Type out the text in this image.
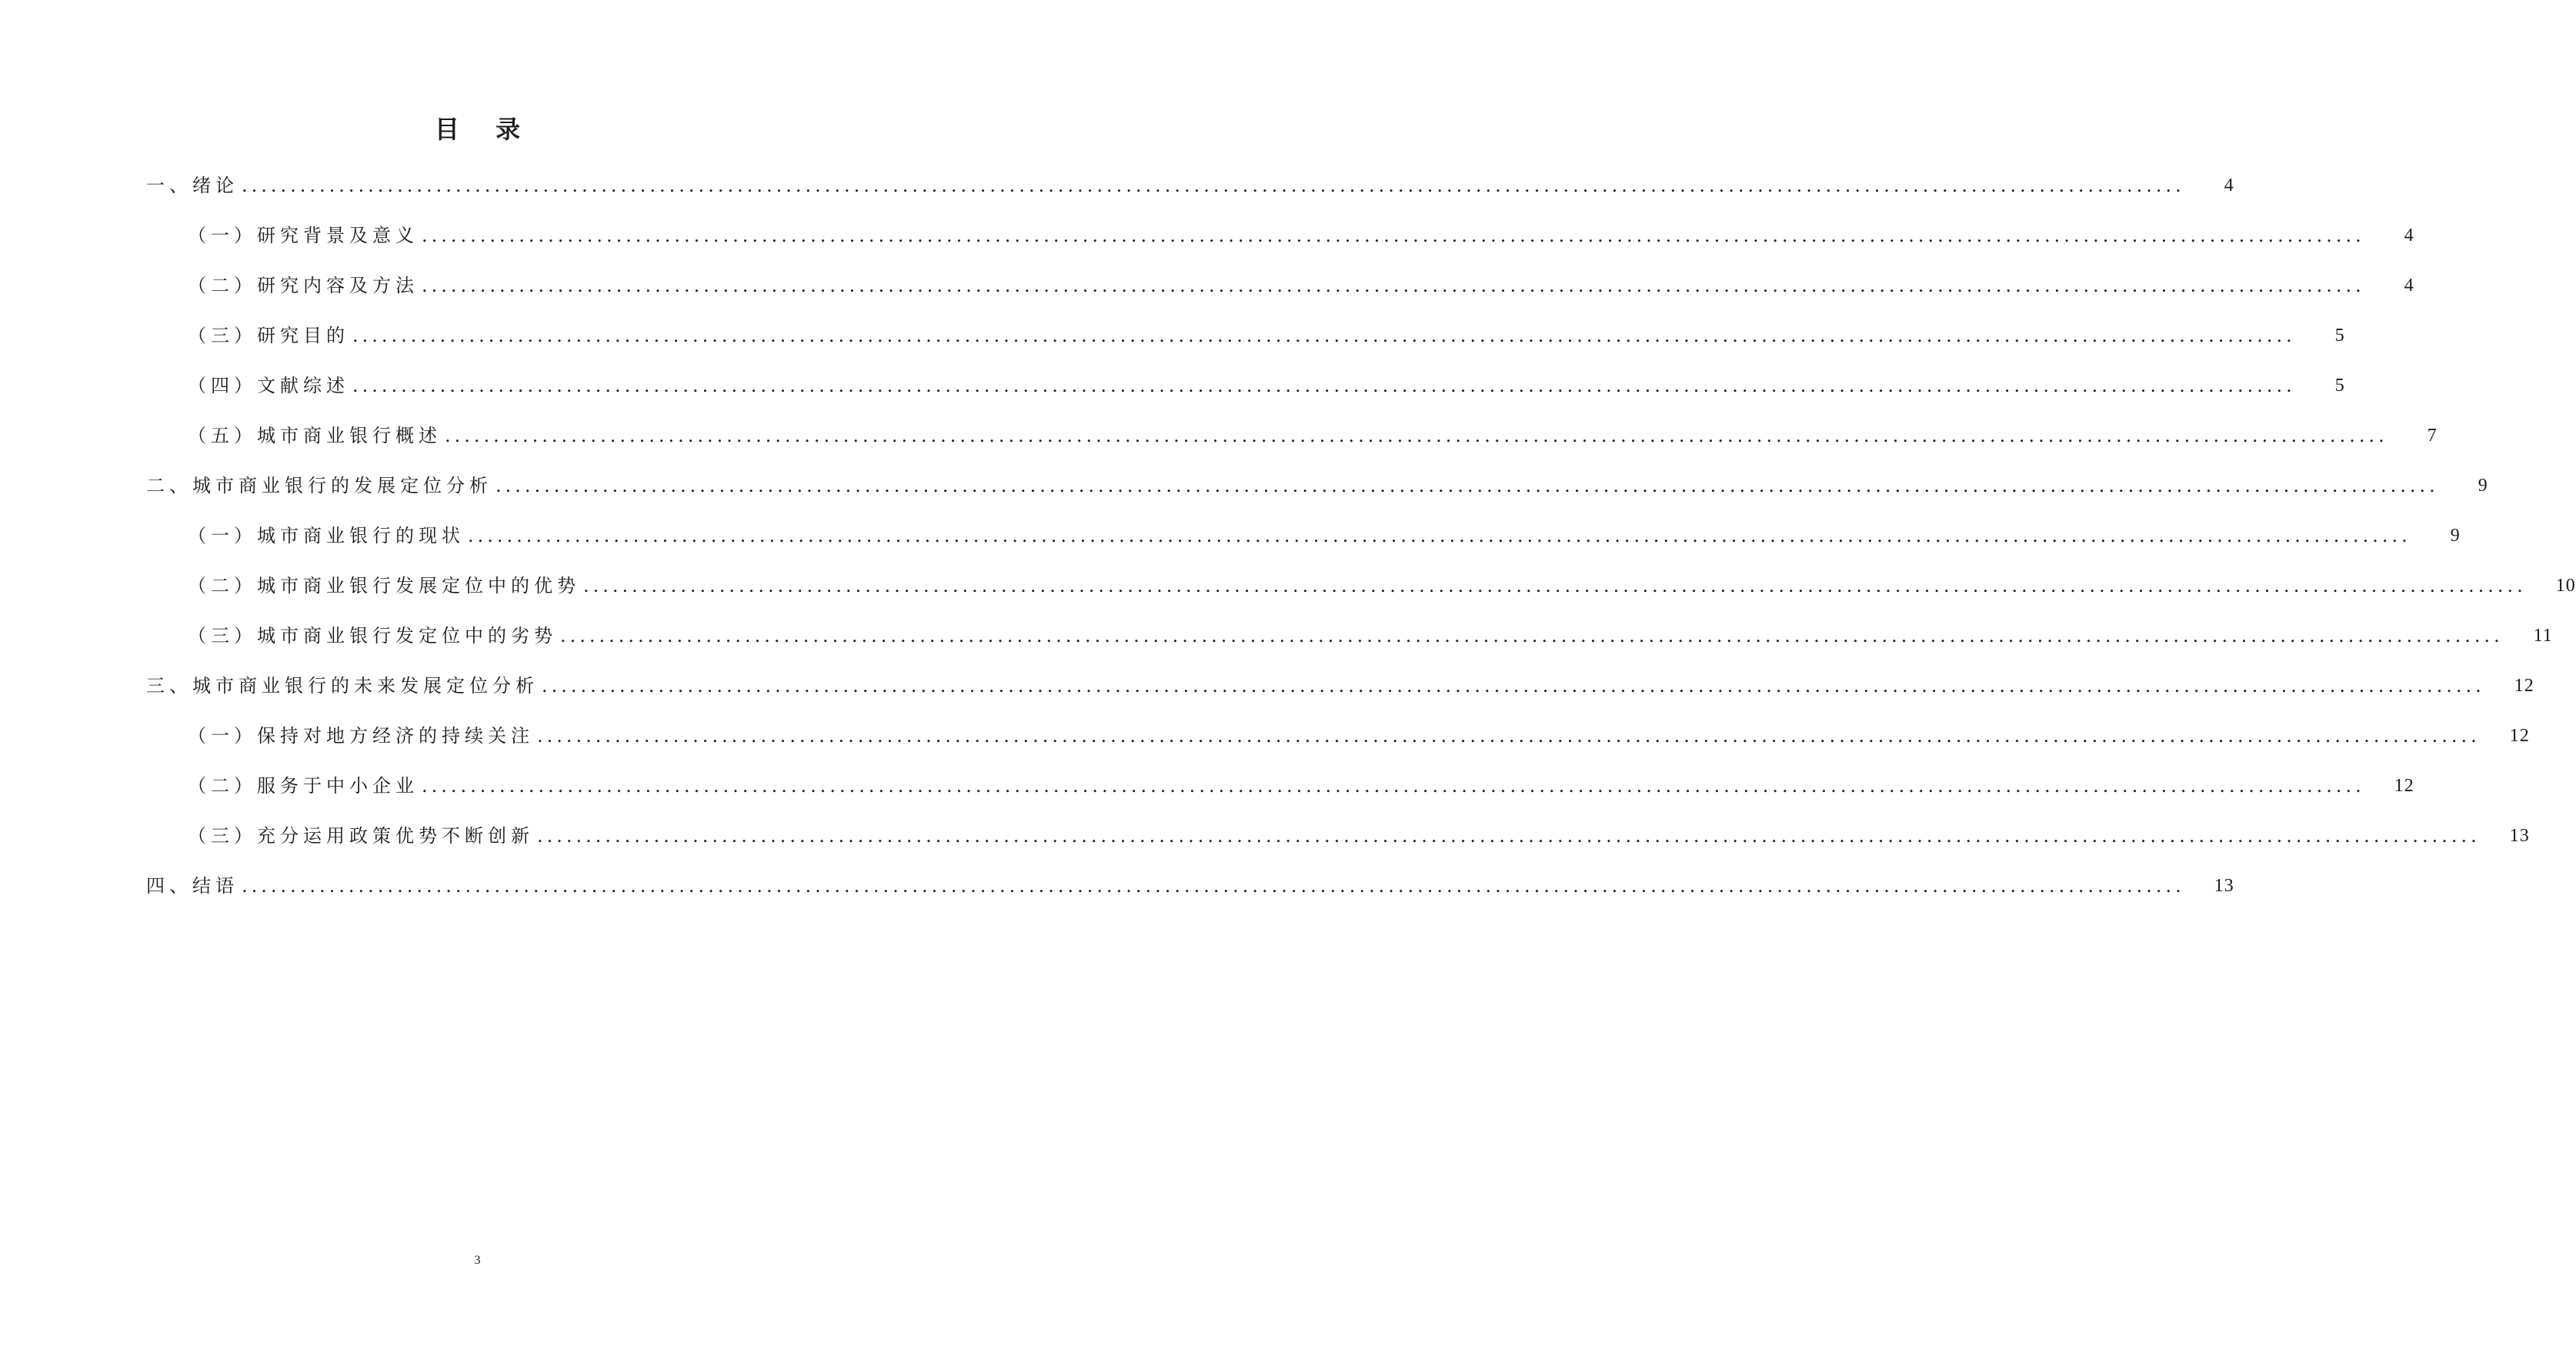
目 录
一、绪论 ........................................................................................................................................................................................................	4
（一）研究背景及意义 ........................................................................................................................................................................................................	4
（二）研究内容及方法 ........................................................................................................................................................................................................	4
（三）研究目的 ........................................................................................................................................................................................................	5
（四）文献综述 ........................................................................................................................................................................................................	5
（五）城市商业银行概述 ........................................................................................................................................................................................................	7
二、城市商业银行的发展定位分析 ........................................................................................................................................................................................................	9
（一）城市商业银行的现状 ........................................................................................................................................................................................................	9
（二）城市商业银行发展定位中的优势 ........................................................................................................................................................................................................	10
（三）城市商业银行发定位中的劣势 ........................................................................................................................................................................................................	11
三、城市商业银行的未来发展定位分析 ........................................................................................................................................................................................................	12
（一）保持对地方经济的持续关注 ........................................................................................................................................................................................................	12
（二）服务于中小企业 ........................................................................................................................................................................................................	12
（三）充分运用政策优势不断创新 ........................................................................................................................................................................................................	13
四、结语 ........................................................................................................................................................................................................	13
3
